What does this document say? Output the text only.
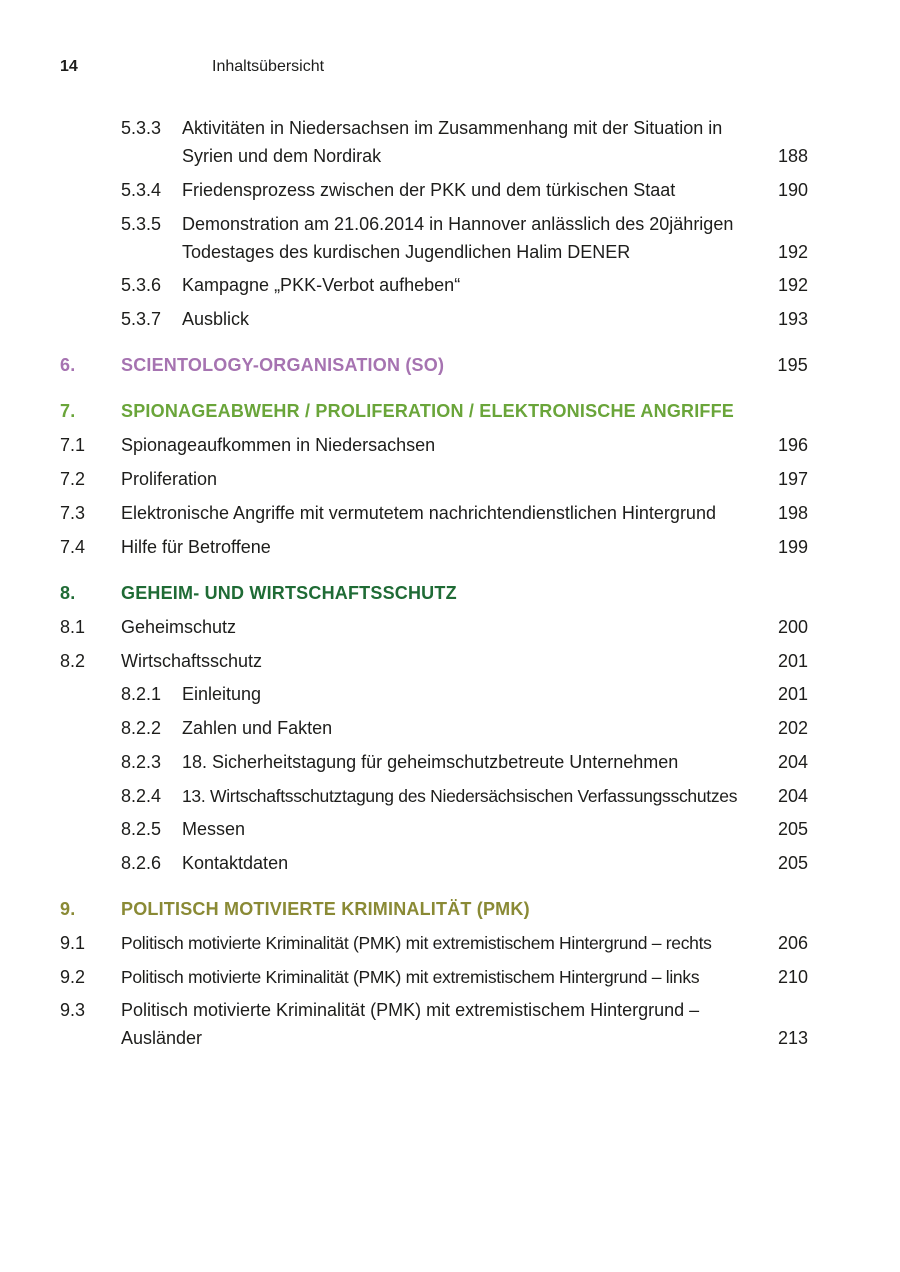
14	Inhaltsübersicht
5.3.3 Aktivitäten in Niedersachsen im Zusammenhang mit der Situation in
Syrien und dem Nordirak	188
5.3.4 Friedensprozess zwischen der PKK und dem türkischen Staat	190
5.3.5 Demonstration am 21.06.2014 in Hannover anlässlich des 20jährigen
Todestages des kurdischen Jugendlichen Halim DENER	192
5.3.6 Kampagne „PKK-Verbot aufheben“	192
5.3.7 Ausblick	193
6.	SCIENTOLOGY-ORGANISATION (SO)	195
7.	SPIONAGEABWEHR / PROLIFERATION / ELEKTRONISCHE ANGRIFFE
7.1 Spionageaufkommen in Niedersachsen	196
7.2 Proliferation	197
7.3 Elektronische Angriffe mit vermutetem nachrichtendienstlichen Hintergrund	198
7.4 Hilfe für Betroffene	199
8.	GEHEIM- UND WIRTSCHAFTSSCHUTZ
8.1 Geheimschutz	200
8.2 Wirtschaftsschutz	201
8.2.1 Einleitung	201
8.2.2 Zahlen und Fakten	202
8.2.3 18. Sicherheitstagung für geheimschutzbetreute Unternehmen	204
8.2.4 13. Wirtschaftsschutztagung des Niedersächsischen Verfassungsschutzes	204
8.2.5 Messen	205
8.2.6 Kontaktdaten	205
9.	POLITISCH MOTIVIERTE KRIMINALITÄT (PMK)
9.1 Politisch motivierte Kriminalität (PMK) mit extremistischem Hintergrund – rechts	206
9.2 Politisch motivierte Kriminalität (PMK) mit extremistischem Hintergrund – links	210
9.3 Politisch motivierte Kriminalität (PMK) mit extremistischem Hintergrund –
Ausländer	213
